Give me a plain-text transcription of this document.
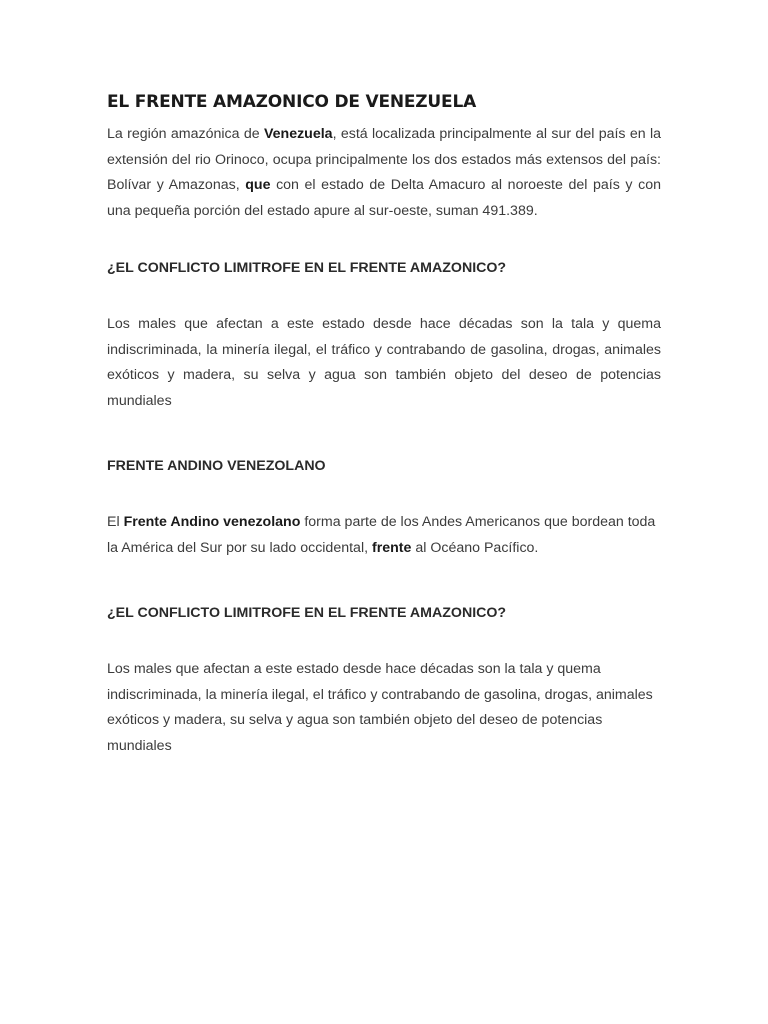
EL FRENTE AMAZONICO DE VENEZUELA

La región amazónica de Venezuela, está localizada principalmente al sur del país en la extensión del rio Orinoco, ocupa principalmente los dos estados más extensos del país: Bolívar y Amazonas, que con el estado de Delta Amacuro al noroeste del país y con una pequeña porción del estado apure al sur-oeste, suman 491.389.

¿EL CONFLICTO LIMITROFE EN EL FRENTE AMAZONICO?

Los males que afectan a este estado desde hace décadas son la tala y quema indiscriminada, la minería ilegal, el tráfico y contrabando de gasolina, drogas, animales exóticos y madera, su selva y agua son también objeto del deseo de potencias mundiales

FRENTE ANDINO VENEZOLANO

El Frente Andino venezolano forma parte de los Andes Americanos que bordean toda la América del Sur por su lado occidental, frente al Océano Pacífico.

¿EL CONFLICTO LIMITROFE EN EL FRENTE AMAZONICO?

Los males que afectan a este estado desde hace décadas son la tala y quema indiscriminada, la minería ilegal, el tráfico y contrabando de gasolina, drogas, animales exóticos y madera, su selva y agua son también objeto del deseo de potencias mundiales
